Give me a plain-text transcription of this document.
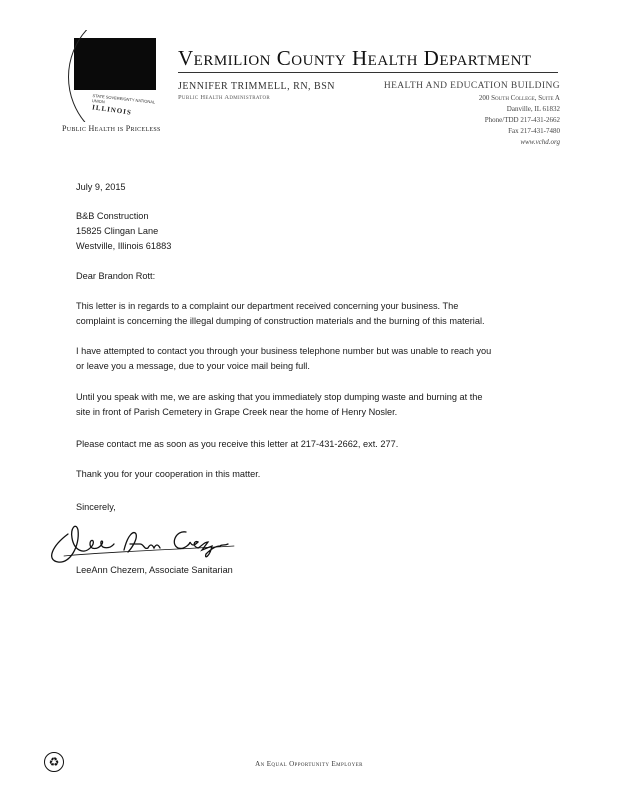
STATE SOVEREIGNTY NATIONAL UNION
ILLINOIS
Public Health is Priceless
Vermilion County Health Department
JENNIFER TRIMMELL, RN, BSN
Public Health Administrator
HEALTH AND EDUCATION BUILDING
200 South College, Suite A
Danville, IL 61832
Phone/TDD 217-431-2662
Fax 217-431-7480
www.vchd.org
July 9, 2015
B&B Construction
15825 Clingan Lane
Westville, Illinois 61883
Dear Brandon Rott:
This letter is in regards to a complaint our department received concerning your business. The
complaint is concerning the illegal dumping of construction materials and the burning of this material.
I have attempted to contact you through your business telephone number but was unable to reach you
or leave you a message, due to your voice mail being full.
Until you speak with me, we are asking that you immediately stop dumping waste and burning at the
site in front of Parish Cemetery in Grape Creek near the home of Henry Nosler.
Please contact me as soon as you receive this letter at 217-431-2662, ext. 277.
Thank you for your cooperation in this matter.
Sincerely,
LeeAnn Chezem, Associate Sanitarian
♻	An Equal Opportunity Employer
